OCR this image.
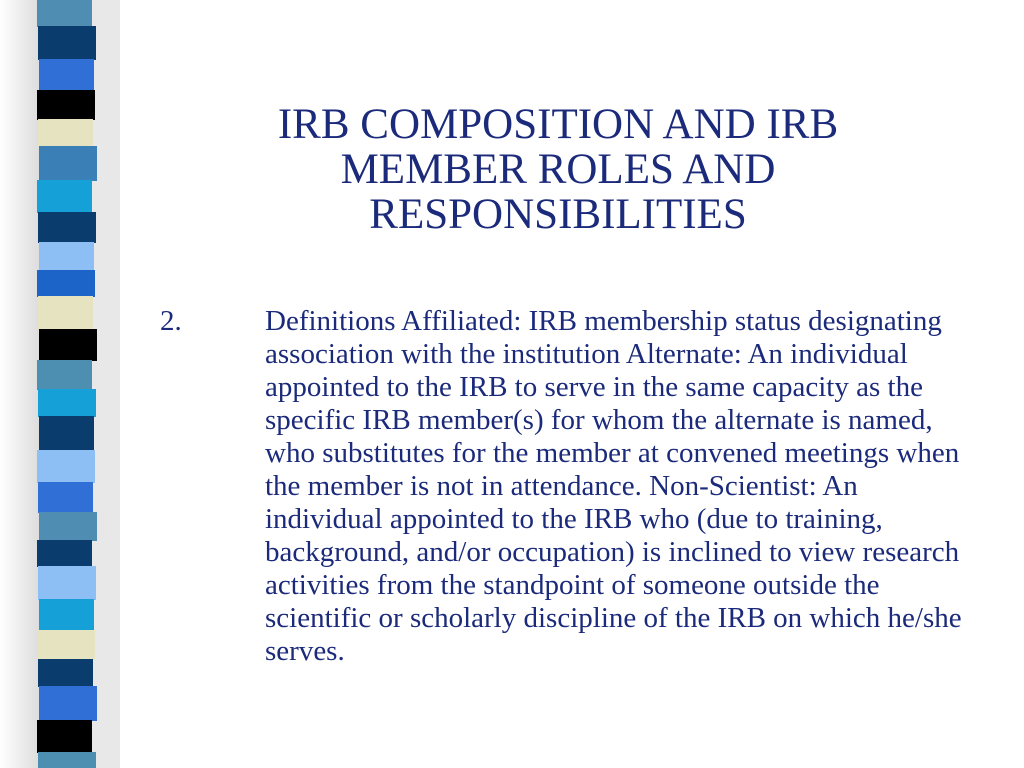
IRB COMPOSITION AND IRB MEMBER ROLES AND RESPONSIBILITIES
2.	Definitions Affiliated: IRB membership status designating association with the institution Alternate: An individual appointed to the IRB to serve in the same capacity as the specific IRB member(s) for whom the alternate is named, who substitutes for the member at convened meetings when the member is not in attendance. Non-Scientist: An individual appointed to the IRB who (due to training, background, and/or occupation) is inclined to view research activities from the standpoint of someone outside the scientific or scholarly discipline of the IRB on which he/she serves.
